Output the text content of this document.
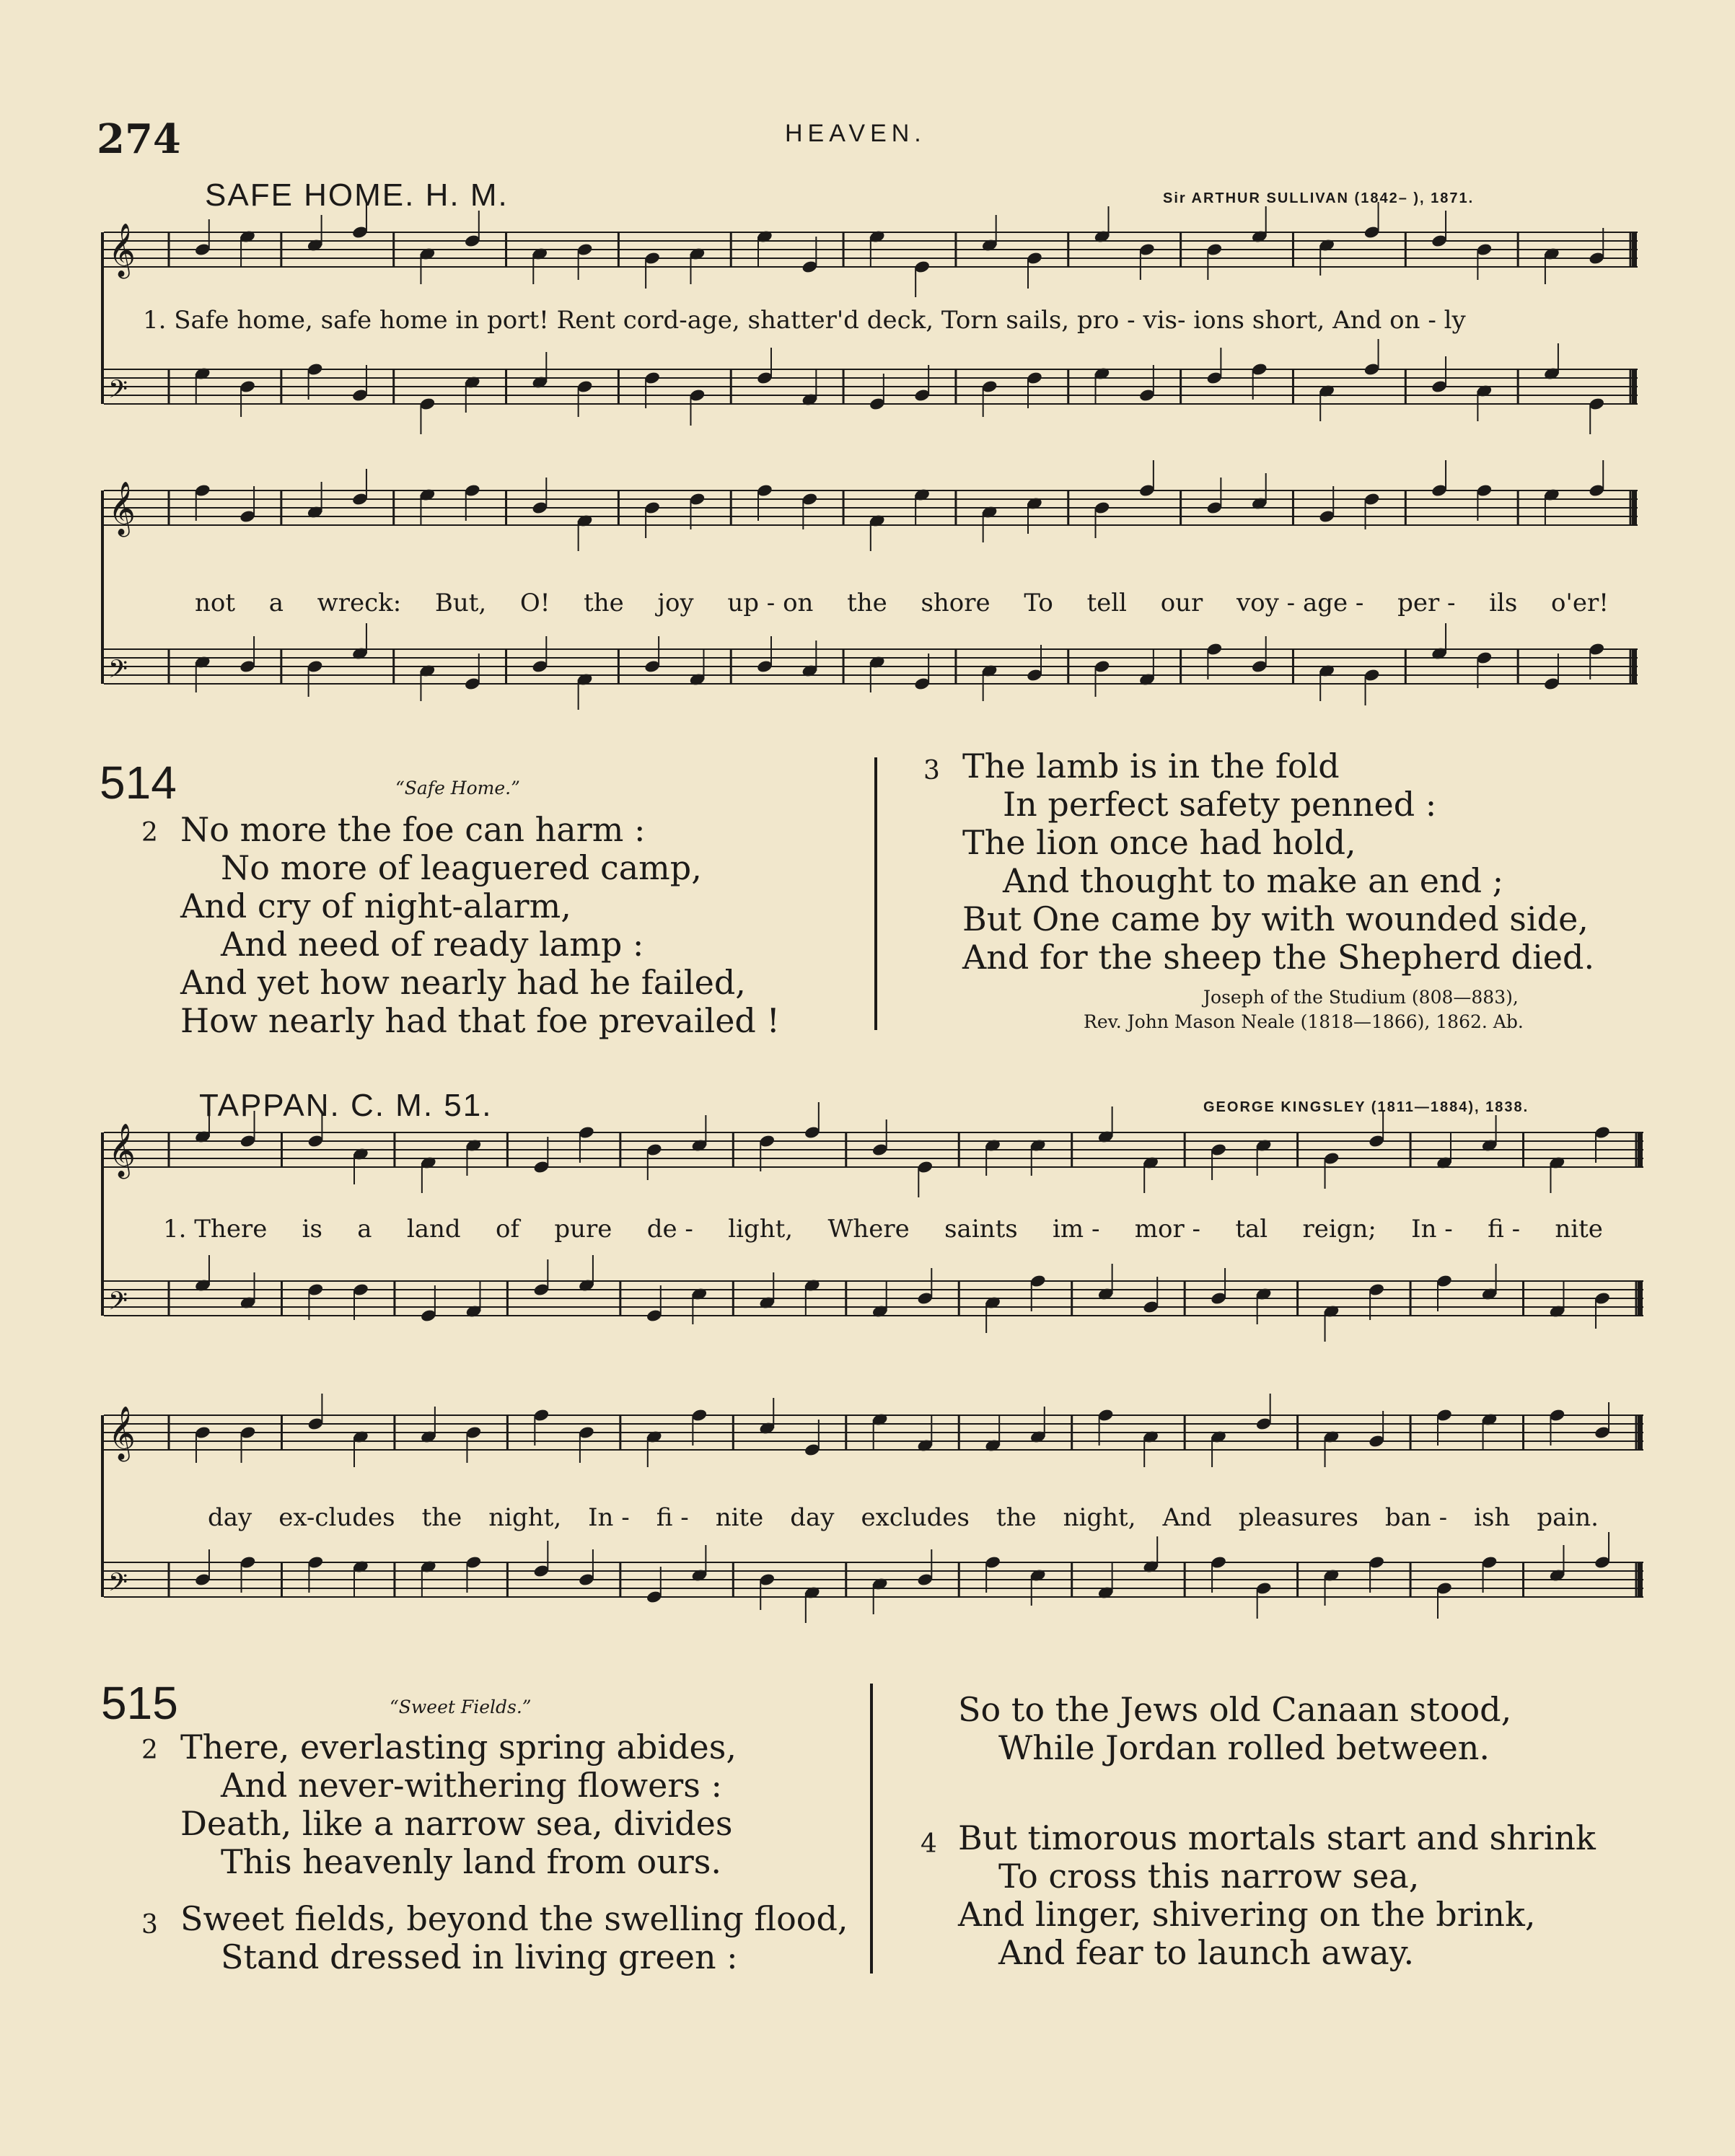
274	HEAVEN.
SAFE HOME. H. M.	Sir ARTHUR SULLIVAN (1842– ), 1871.
𝄞
𝄢
𝄞
𝄢
𝄞
𝄢
𝄞
𝄢
1. Safe home, safe home in port! Rent cord-age, shatter'd deck, Torn sails, pro - vis- ions short, And on - ly
not a wreck: But, O! the joy up - on the shore To tell our voy - age - per - ils o'er!
514	“Safe Home.”
2 No more the foe can harm :
No more of leaguered camp,
And cry of night-alarm,
And need of ready lamp :
And yet how nearly had he failed,
How nearly had that foe prevailed !
3 The lamb is in the fold
In perfect safety penned :
The lion once had hold,
And thought to make an end ;
But One came by with wounded side,
And for the sheep the Shepherd died.
Joseph of the Studium (808—883),
Rev. John Mason Neale (1818—1866), 1862. Ab.
TAPPAN. C. M. 51.	GEORGE KINGSLEY (1811—1884), 1838.
1. There is a land of pure de - light, Where saints im - mor - tal reign; In - fi - nite
day ex-cludes the night, In - fi - nite day excludes the night, And pleasures ban - ish pain.
515	“Sweet Fields.”
2 There, everlasting spring abides,
And never-withering flowers :
Death, like a narrow sea, divides
This heavenly land from ours.
3 Sweet fields, beyond the swelling flood,
Stand dressed in living green :
So to the Jews old Canaan stood,
While Jordan rolled between.
4 But timorous mortals start and shrink
To cross this narrow sea,
And linger, shivering on the brink,
And fear to launch away.
